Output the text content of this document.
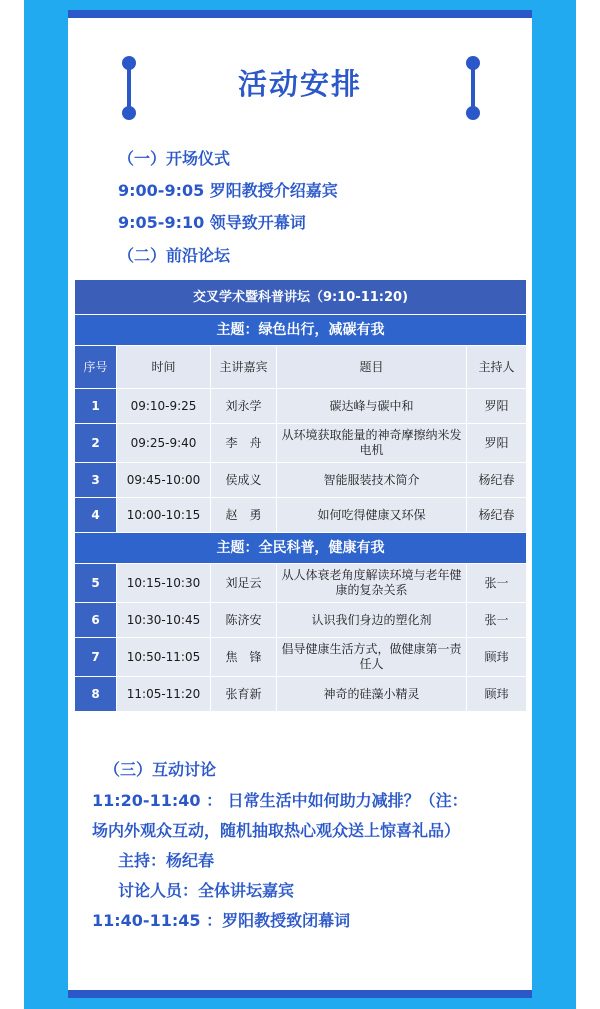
活动安排
（一）开场仪式
9:00-9:05 罗阳教授介绍嘉宾
9:05-9:10 领导致开幕词
（二）前沿论坛
交叉学术暨科普讲坛（9:10-11:20)				
主题：绿色出行，减碳有我				
序号	时间	主讲嘉宾	题目	主持人
1	09:10-9:25	刘永学	碳达峰与碳中和	罗阳
2	09:25-9:40	李　舟	从环境获取能量的神奇摩擦纳米发电机	罗阳
3	09:45-10:00	侯成义	智能服装技术简介	杨纪春
4	10:00-10:15	赵　勇	如何吃得健康又环保	杨纪春
主题：全民科普，健康有我				
5	10:15-10:30	刘足云	从人体衰老角度解读环境与老年健康的复杂关系	张一
6	10:30-10:45	陈济安	认识我们身边的塑化剂	张一
7	10:50-11:05	焦　锋	倡导健康生活方式，做健康第一责任人	顾玮
8	11:05-11:20	张育新	神奇的硅藻小精灵	顾玮
（三）互动讨论
11:20-11:40 ： 日常生活中如何助力减排？（注：
场内外观众互动，随机抽取热心观众送上惊喜礼品）
主持：杨纪春
讨论人员：全体讲坛嘉宾
11:40-11:45 ：罗阳教授致闭幕词
